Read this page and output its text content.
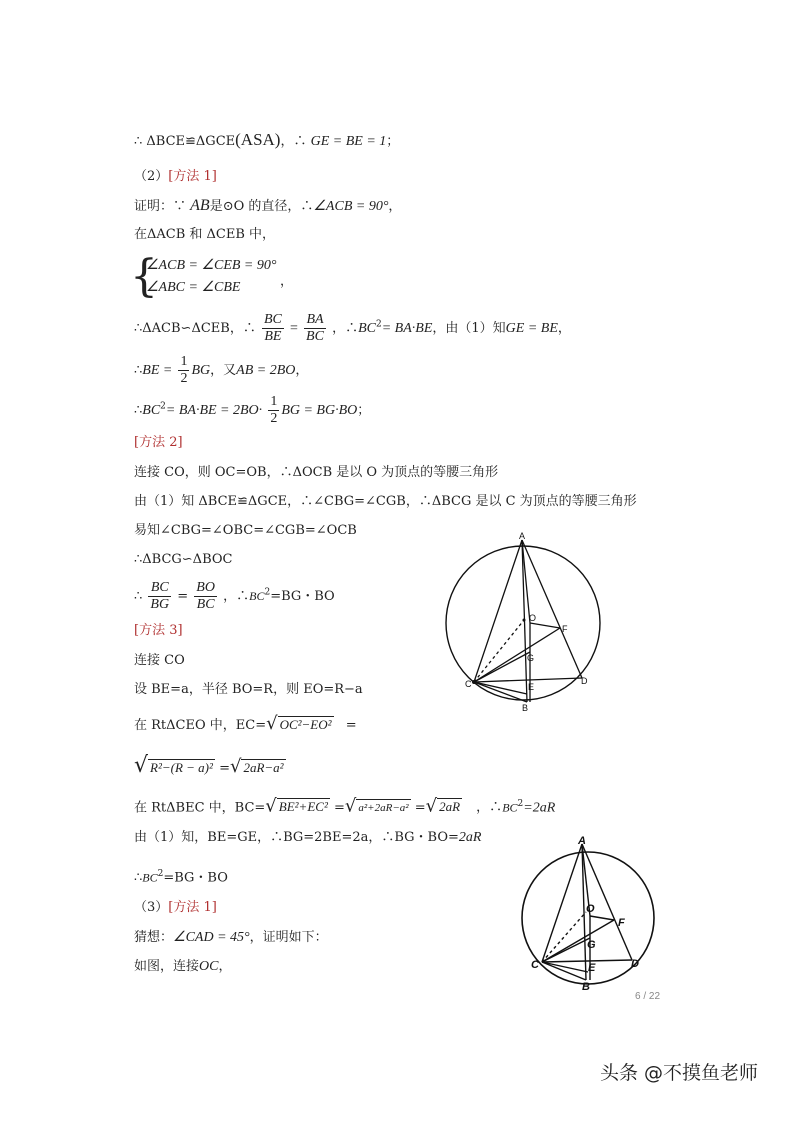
∴ ΔBCE≌ΔGCE(ASA)，∴ GE = BE = 1；
（2）[方法 1]
证明：∵ AB是⊙O 的直径，∴∠ACB = 90°，
在ΔACB 和 ΔCEB 中，
{
∠ACB = ∠CEB = 90°
∠ABC = ∠CBE	，
∴ΔACB∽ΔCEB，∴ $\frac{BC}{BE} = \frac{BA}{BC}$ ，$\therefore BC^2= BA\cdot BE$，由（1）知GE = BE，
∴BE = $\frac{1}{2}$ BG，又AB = 2BO，
$\therefore BC^2= BA\cdot BE = 2BO\cdot \frac{1}{2}$ BG = BG·BO；
[方法 2]
连接 CO，则 OC=OB，∴ΔOCB 是以 O 为顶点的等腰三角形
由（1）知 ΔBCE≌ΔGCE，∴∠CBG=∠CGB，∴ΔBCG 是以 C 为顶点的等腰三角形
易知∠CBG=∠OBC=∠CGB=∠OCB
∴ΔBCG∽ΔBOC
∴ $\frac{BC}{BG} = \frac{BO}{BC}$ ，$\therefore BC^2=BG$・BO
[方法 3]
连接 CO
设 BE=a，半径 BO=R，则 EO=R−a
在 RtΔCEO 中，EC=√ OC²−EO² =
√ R²−(R − a)² =√ 2aR−a²
在 RtΔBEC 中，BC=√ BE²+EC² =√ a²+2aR−a² =√ 2aR ，$\therefore BC^2=2aR$
由（1）知，BE=GE，∴BG=2BE=2a，∴BG・BO=2aR
$\therefore BC^2=BG$・BO
（3）[方法 1]
猜想：∠CAD = 45°，证明如下：
如图，连接OC，
A
O
F
G
C	E
D
B
A
O
F
G
C	E	D
B
6 / 22
头条 @不摸鱼老师
